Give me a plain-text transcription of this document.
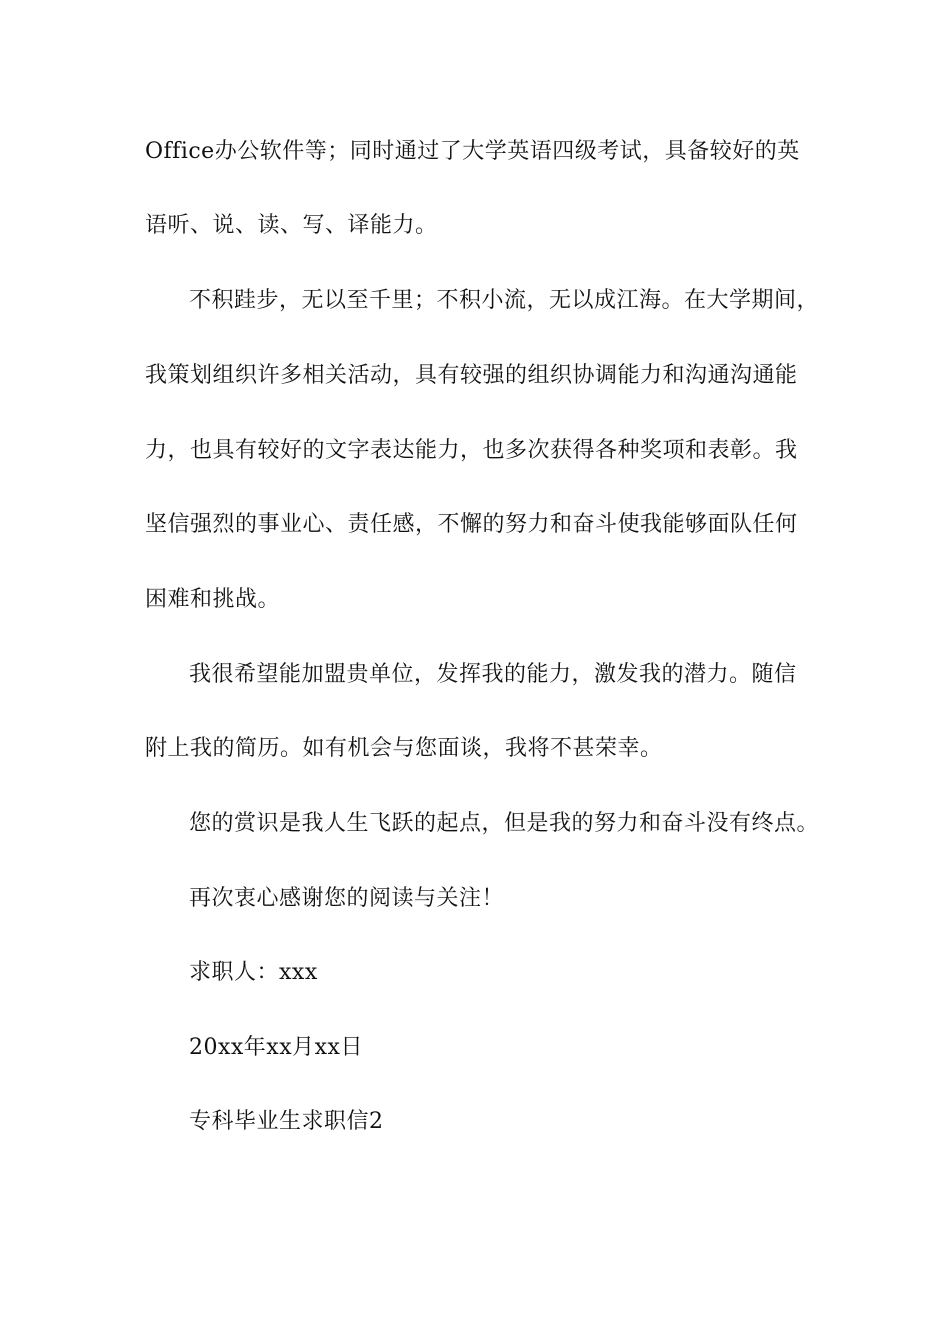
Office办公软件等；同时通过了大学英语四级考试，具备较好的英
语听、说、读、写、译能力。
不积跬步，无以至千里；不积小流，无以成江海。在大学期间，
我策划组织许多相关活动，具有较强的组织协调能力和沟通沟通能
力，也具有较好的文字表达能力，也多次获得各种奖项和表彰。我
坚信强烈的事业心、责任感，不懈的努力和奋斗使我能够面队任何
困难和挑战。
我很希望能加盟贵单位，发挥我的能力，激发我的潜力。随信
附上我的简历。如有机会与您面谈，我将不甚荣幸。
您的赏识是我人生飞跃的起点，但是我的努力和奋斗没有终点。
再次衷心感谢您的阅读与关注！
求职人：xxx
20xx年xx月xx日
专科毕业生求职信2
